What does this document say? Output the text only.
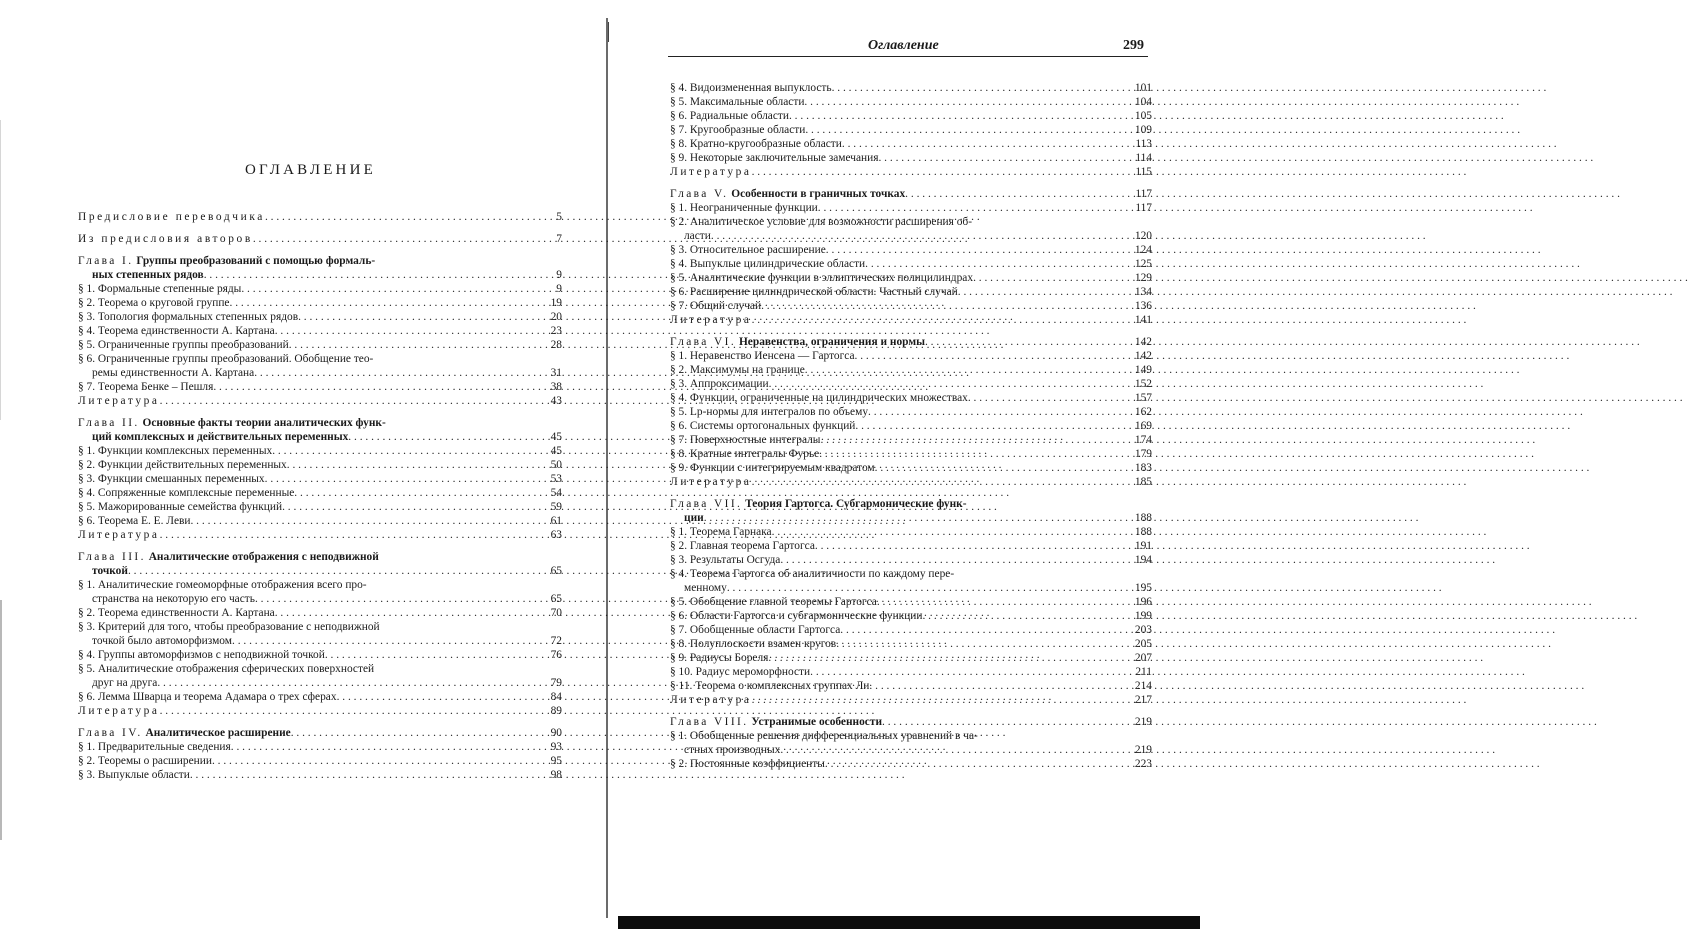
ОГЛАВЛЕНИЕ
Оглавление	299
Предисловие переводчика . . .	5
Из предисловия авторов . . .	7
Глава I. Группы преобразований с помощью формаль-
ных степенных рядов . . .	9
§ 1. Формальные степенные ряды . . .	9
§ 2. Теорема о круговой группе . . .	19
§ 3. Топология формальных степенных рядов . . .	20
§ 4. Теорема единственности А. Картана . . .	23
§ 5. Ограниченные группы преобразований . . .	28
§ 6. Ограниченные группы преобразований. Обобщение тео-
ремы единственности А. Картана . . .	31
§ 7. Теорема Бенке – Пешля . . .	38
Литература . . .	43
Глава II. Основные факты теории аналитических функ-
ций комплексных и действительных переменных . . .	45
§ 1. Функции комплексных переменных . . .	45
§ 2. Функции действительных переменных . . .	50
§ 3. Функции смешанных переменных . . .	53
§ 4. Сопряженные комплексные переменные . . .	54
§ 5. Мажорированные семейства функций . . .	59
§ 6. Теорема Е. Е. Леви . . .	61
Литература . . .	63
Глава III. Аналитические отображения с неподвижной
точкой . . .	65
§ 1. Аналитические гомеоморфные отображения всего про-
странства на некоторую его часть . . .	65
§ 2. Теорема единственности А. Картана . . .	70
§ 3. Критерий для того, чтобы преобразование с неподвижной
точкой было автоморфизмом . . .	72
§ 4. Группы автоморфизмов с неподвижной точкой . . .	76
§ 5. Аналитические отображения сферических поверхностей
друг на друга . . .	79
§ 6. Лемма Шварца и теорема Адамара о трех сферах . . .	84
Литература . . .	89
Глава IV. Аналитическое расширение . . .	90
§ 1. Предварительные сведения . . .	93
§ 2. Теоремы о расширении . . .	95
§ 3. Выпуклые области . . .	98
§ 4. Видоизмененная выпуклость . . .	101
§ 5. Максимальные области . . .	104
§ 6. Радиальные области . . .	105
§ 7. Кругообразные области . . .	109
§ 8. Кратно-кругообразные области . . .	113
§ 9. Некоторые заключительные замечания . . .	114
Литература . . .	115
Глава V. Особенности в граничных точках . . .	117
§ 1. Неограниченные функции . . .	117
§ 2. Аналитическое условие для возможности расширения об-
ласти . . .	120
§ 3. Относительное расширение . . .	124
§ 4. Выпуклые цилиндрические области . . .	125
§ 5. Аналитические функции в эллиптических полицилиндрах . . .	129
§ 6. Расширение цилиндрической области. Частный случай . . .	134
§ 7. Общий случай . . .	136
Литература . . .	141
Глава VI. Неравенства, ограничения и нормы . . .	142
§ 1. Неравенство Иенсена — Гартогса . . .	142
§ 2. Максимумы на границе . . .	149
§ 3. Аппроксимации . . .	152
§ 4. Функции, ограниченные на цилиндрических множествах . . .	157
§ 5. Lp-нормы для интегралов по объему . . .	162
§ 6. Системы ортогональных функций . . .	169
§ 7. Поверхностные интегралы . . .	174
§ 8. Кратные интегралы Фурье . . .	179
§ 9. Функции с интегрируемым квадратом . . .	183
Литература . . .	185
Глава VII. Теория Гартогса. Субгармонические функ-
ции . . .	188
§ 1. Теорема Гарнака . . .	188
§ 2. Главная теорема Гартогса . . .	191
§ 3. Результаты Осгуда . . .	194
§ 4. Теорема Гартогса об аналитичности по каждому пере-
менному . . .	195
§ 5. Обобщение главной теоремы Гартогса . . .	196
§ 6. Области Гартогса и субгармонические функции . . .	199
§ 7. Обобщенные области Гартогса . . .	203
§ 8. Полуплоскости взамен кругов . . .	205
§ 9. Радиусы Бореля . . .	207
§ 10. Радиус мероморфности . . .	211
§ 11. Теорема о комплексных группах Ли . . .	214
Литература . . .	217
Глава VIII. Устранимые особенности . . .	219
§ 1. Обобщенные решения дифференциальных уравнений в ча-
стных производных . . .	219
§ 2. Постоянные коэффициенты . . .	223
